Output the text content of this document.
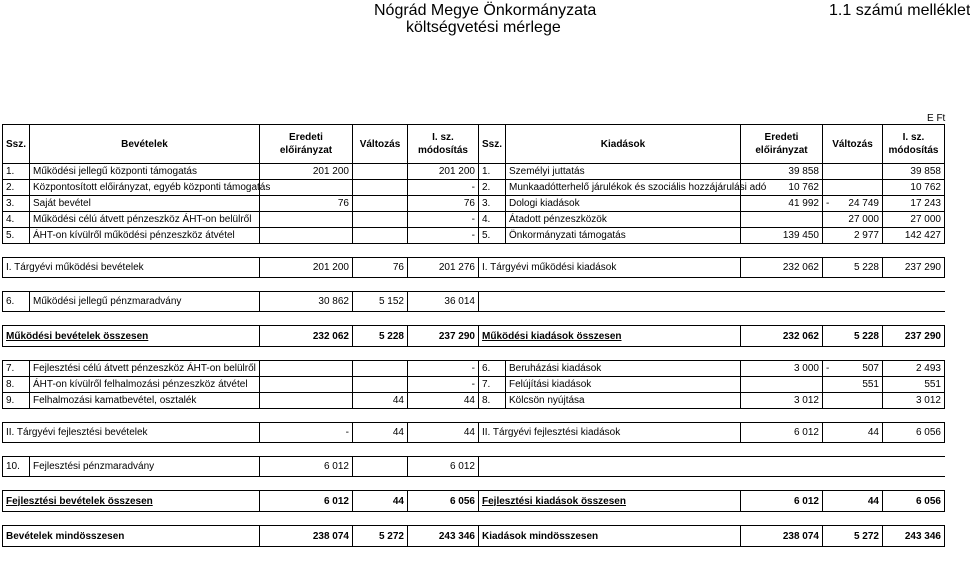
Nógrád Megye Önkormányzata
költségvetési mérlege
1.1 számú melléklet
E Ft
Ssz.	Bevételek	Eredeti előirányzat	Változás	I. sz. módosítás	Ssz.	Kiadások	Eredeti előirányzat	Változás	I. sz. módosítás
1.	Működési jellegű központi támogatás	201 200		201 200	1.	Személyi juttatás	39 858		39 858
2.	Központosított előirányzat, egyéb központi támogatás			-	2.	Munkaadótterhelő járulékok és szociális hozzájárulási adó	10 762		10 762
3.	Saját bevétel	76		76	3.	Dologi kiadások	41 992	- 24 749	17 243
4.	Működési célú átvett pénzeszköz ÁHT-on belülről			-	4.	Átadott pénzeszközök		27 000	27 000
5.	ÁHT-on kívülről működési pénzeszköz átvétel			-	5.	Önkormányzati támogatás	139 450	2 977	142 427

I. Tárgyévi működési bevételek		201 200	76	201 276	I. Tárgyévi működési kiadások		232 062	5 228	237 290

6.	Működési jellegű pénzmaradvány	30 862	5 152	36 014					

Működési bevételek összesen		232 062	5 228	237 290	Működési kiadások összesen		232 062	5 228	237 290

7.	Fejlesztési célú átvett pénzeszköz ÁHT-on belülről			-	6.	Beruházási kiadások	3 000	- 507	2 493
8.	ÁHT-on kívülről felhalmozási pénzeszköz átvétel			-	7.	Felújítási kiadások		551	551
9.	Felhalmozási kamatbevétel, osztalék		44	44	8.	Kölcsön nyújtása	3 012		3 012

II. Tárgyévi fejlesztési bevételek		-	44	44	II. Tárgyévi fejlesztési kiadások		6 012	44	6 056

10.	Fejlesztési pénzmaradvány	6 012		6 012					

Fejlesztési bevételek összesen		6 012	44	6 056	Fejlesztési kiadások összesen		6 012	44	6 056

Bevételek mindösszesen		238 074	5 272	243 346	Kiadások mindösszesen		238 074	5 272	243 346
